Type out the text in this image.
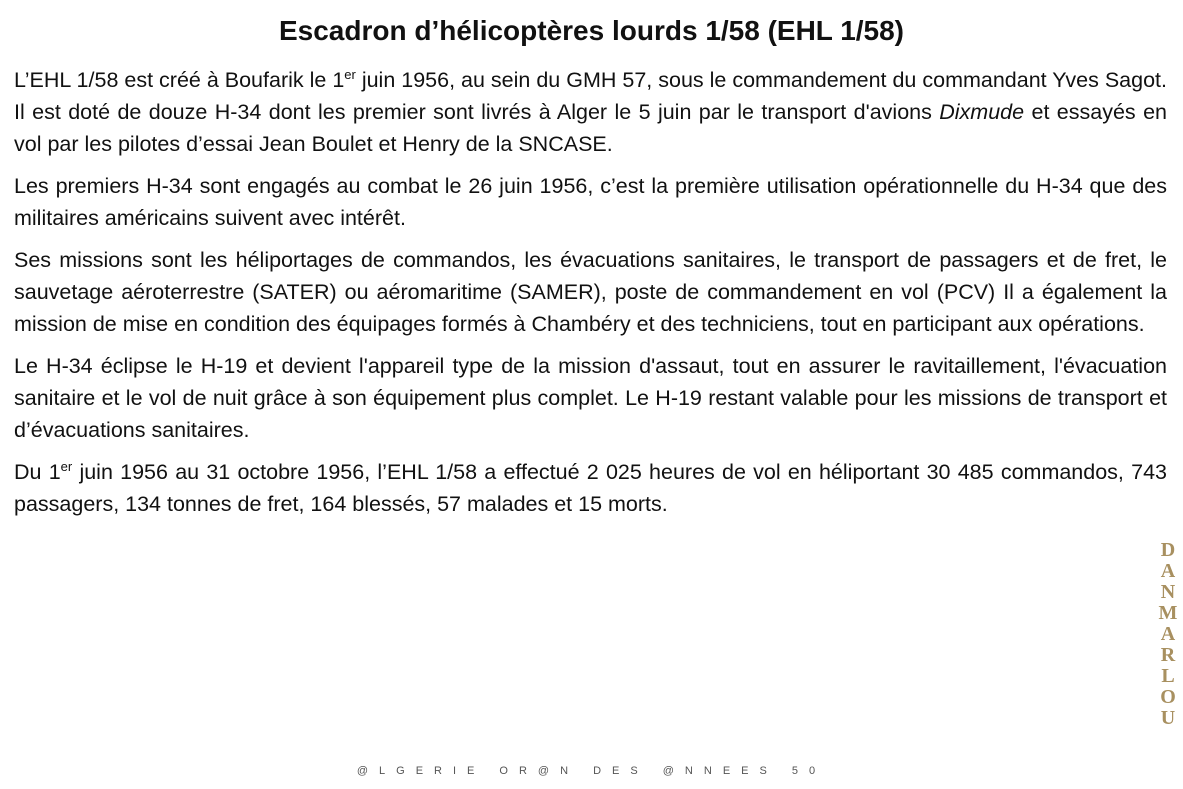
Escadron d’hélicoptères lourds 1/58 (EHL 1/58)

L’EHL 1/58 est créé à Boufarik le 1er juin 1956, au sein du GMH 57, sous le commandement du commandant Yves Sagot. Il est doté de douze H-34 dont les premier sont livrés à Alger le 5 juin par le transport d'avions Dixmude et essayés en vol par les pilotes d’essai Jean Boulet et Henry de la SNCASE.

Les premiers H-34 sont engagés au combat le 26 juin 1956, c’est la première utilisation opérationnelle du H-34 que des militaires américains suivent avec intérêt.

Ses missions sont les héliportages de commandos, les évacuations sanitaires, le transport de passagers et de fret, le sauvetage aéroterrestre (SATER) ou aéromaritime (SAMER), poste de commandement en vol (PCV) Il a également la mission de mise en condition des équipages formés à Chambéry et des techniciens, tout en participant aux opérations.

Le H-34 éclipse le H-19 et devient l'appareil type de la mission d'assaut, tout en assurer le ravitaillement, l'évacuation sanitaire et le vol de nuit grâce à son équipement plus complet. Le H-19 restant valable pour les missions de transport et d’évacuations sanitaires.

Du 1er juin 1956 au 31 octobre 1956, l’EHL 1/58 a effectué 2 025 heures de vol en héliportant 30 485 commandos, 743 passagers, 134 tonnes de fret, 164 blessés, 57 malades et 15 morts.

D
A
N
M
A
R
L
O
U
@LGERIE OR@N DES @NNEES 50
